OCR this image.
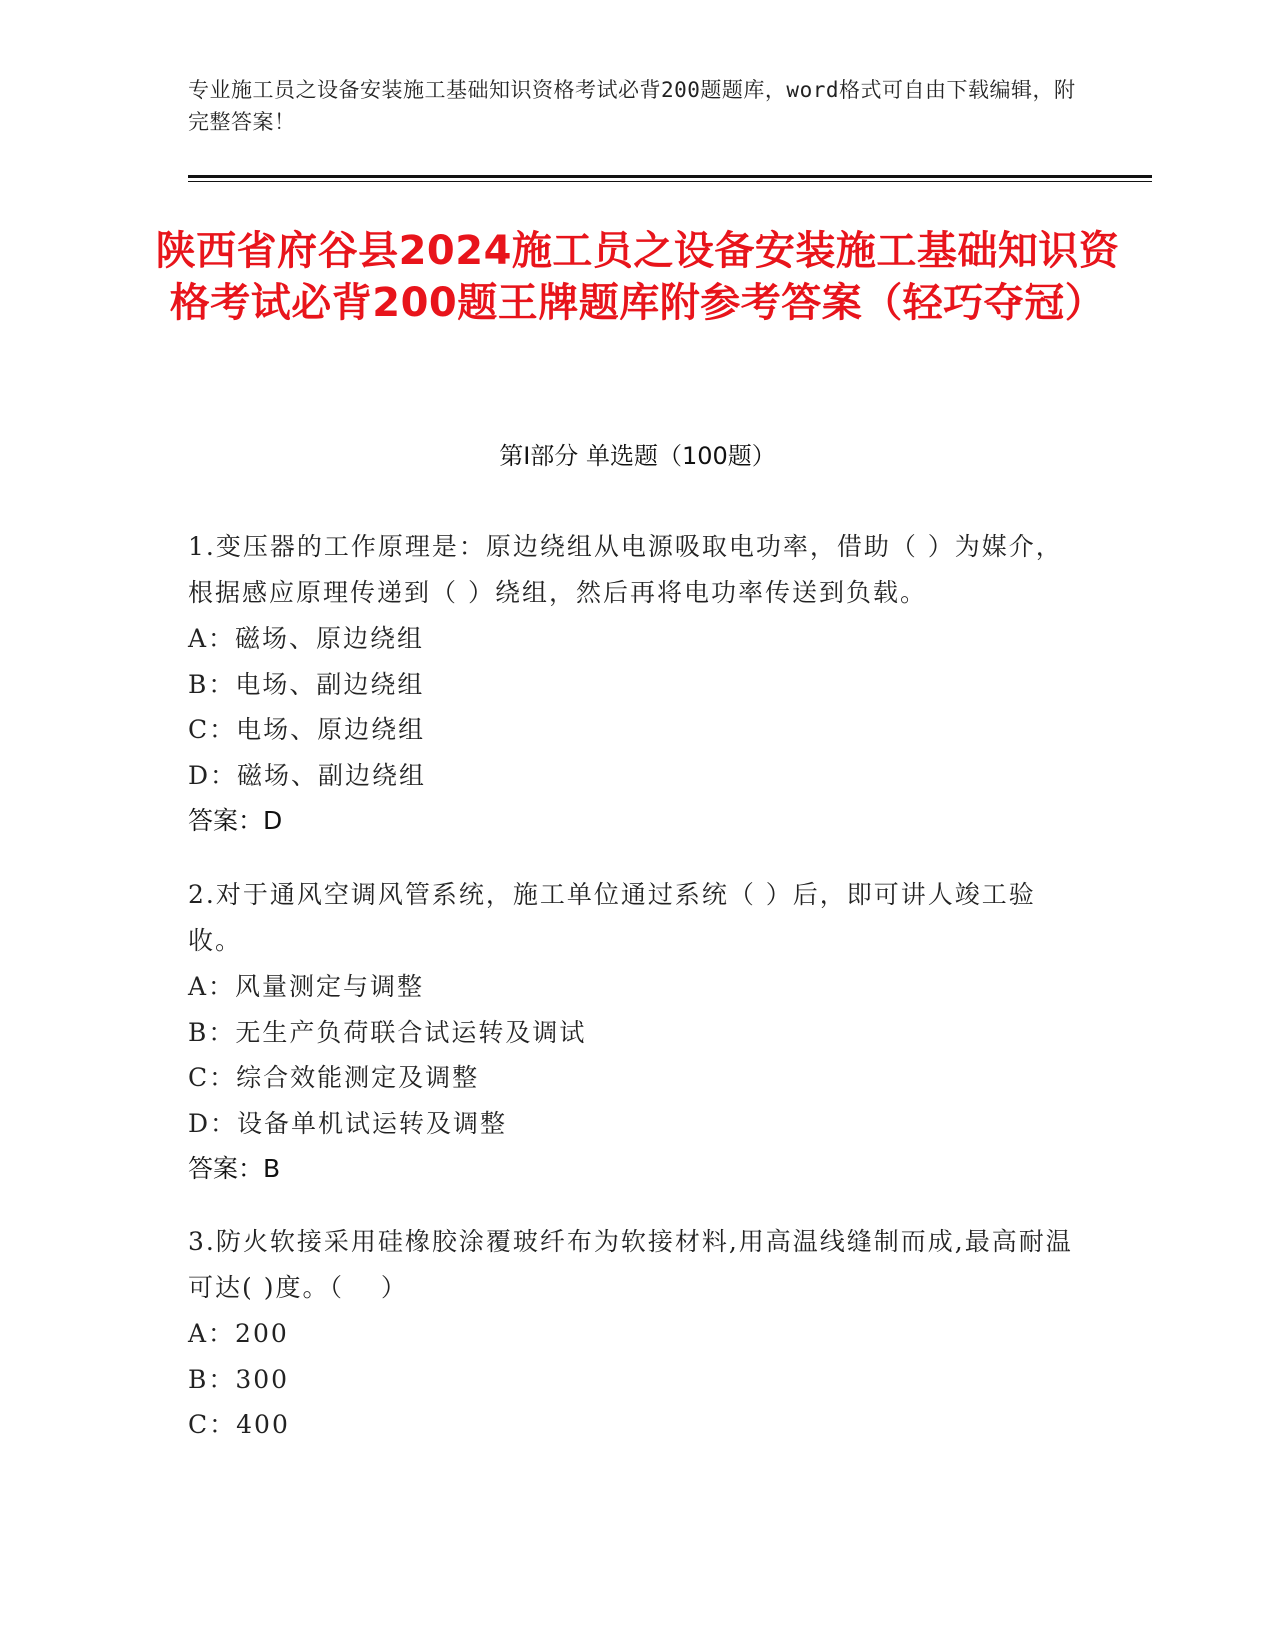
专业施工员之设备安装施工基础知识资格考试必背200题题库，word格式可自由下载编辑，附完整答案！
陕西省府谷县2024施工员之设备安装施工基础知识资格考试必背200题王牌题库附参考答案（轻巧夺冠）
第Ⅰ部分 单选题（100题）
1.变压器的工作原理是：原边绕组从电源吸取电功率，借助（ ）为媒介，根据感应原理传递到（ ）绕组，然后再将电功率传送到负载。
A：磁场、原边绕组
B：电场、副边绕组
C：电场、原边绕组
D：磁场、副边绕组
答案：D
2.对于通风空调风管系统，施工单位通过系统（ ）后，即可讲人竣工验收。
A：风量测定与调整
B：无生产负荷联合试运转及调试
C：综合效能测定及调整
D：设备单机试运转及调整
答案：B
3.防火软接采用硅橡胶涂覆玻纤布为软接材料,用高温线缝制而成,最高耐温可达( )度。（　 ）
A：200
B：300
C：400
